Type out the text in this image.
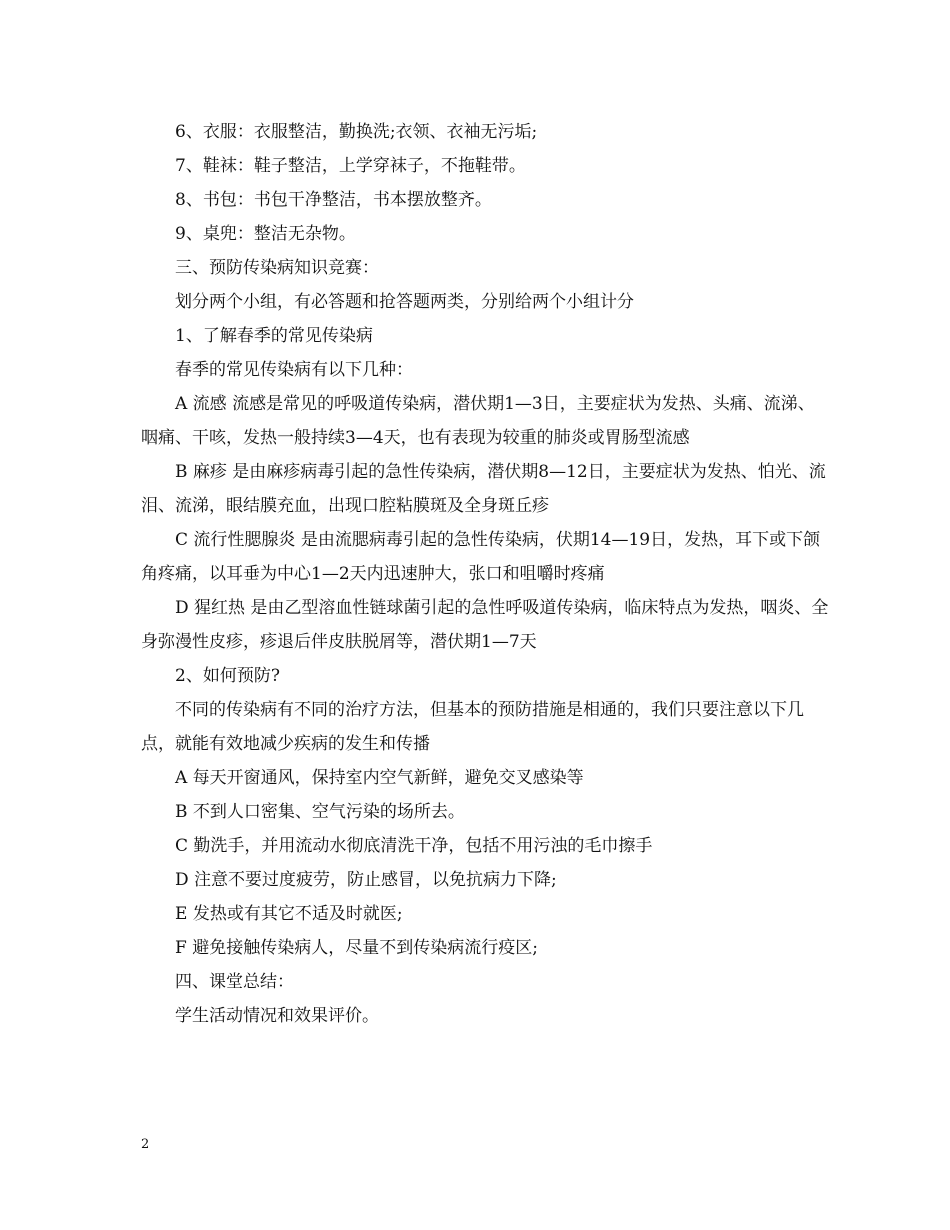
6、衣服：衣服整洁，勤换洗;衣领、衣袖无污垢;

7、鞋袜：鞋子整洁，上学穿袜子，不拖鞋带。

8、书包：书包干净整洁，书本摆放整齐。

9、桌兜：整洁无杂物。

三、预防传染病知识竞赛：

划分两个小组，有必答题和抢答题两类，分别给两个小组计分

1、了解春季的常见传染病

春季的常见传染病有以下几种：

A 流感 流感是常见的呼吸道传染病，潜伏期1—3日，主要症状为发热、头痛、流涕、咽痛、干咳，发热一般持续3—4天，也有表现为较重的肺炎或胃肠型流感

B 麻疹 是由麻疹病毒引起的急性传染病，潜伏期8—12日，主要症状为发热、怕光、流泪、流涕，眼结膜充血，出现口腔粘膜斑及全身斑丘疹

C 流行性腮腺炎 是由流腮病毒引起的急性传染病，伏期14—19日，发热，耳下或下颌角疼痛，以耳垂为中心1—2天内迅速肿大，张口和咀嚼时疼痛

D 猩红热 是由乙型溶血性链球菌引起的急性呼吸道传染病，临床特点为发热，咽炎、全身弥漫性皮疹，疹退后伴皮肤脱屑等，潜伏期1—7天

2、如何预防?

不同的传染病有不同的治疗方法，但基本的预防措施是相通的，我们只要注意以下几点，就能有效地减少疾病的发生和传播

A 每天开窗通风，保持室内空气新鲜，避免交叉感染等

B 不到人口密集、空气污染的场所去。

C 勤洗手，并用流动水彻底清洗干净，包括不用污浊的毛巾擦手

D 注意不要过度疲劳，防止感冒，以免抗病力下降;

E 发热或有其它不适及时就医;

F 避免接触传染病人，尽量不到传染病流行疫区;

四、课堂总结：

学生活动情况和效果评价。

2
